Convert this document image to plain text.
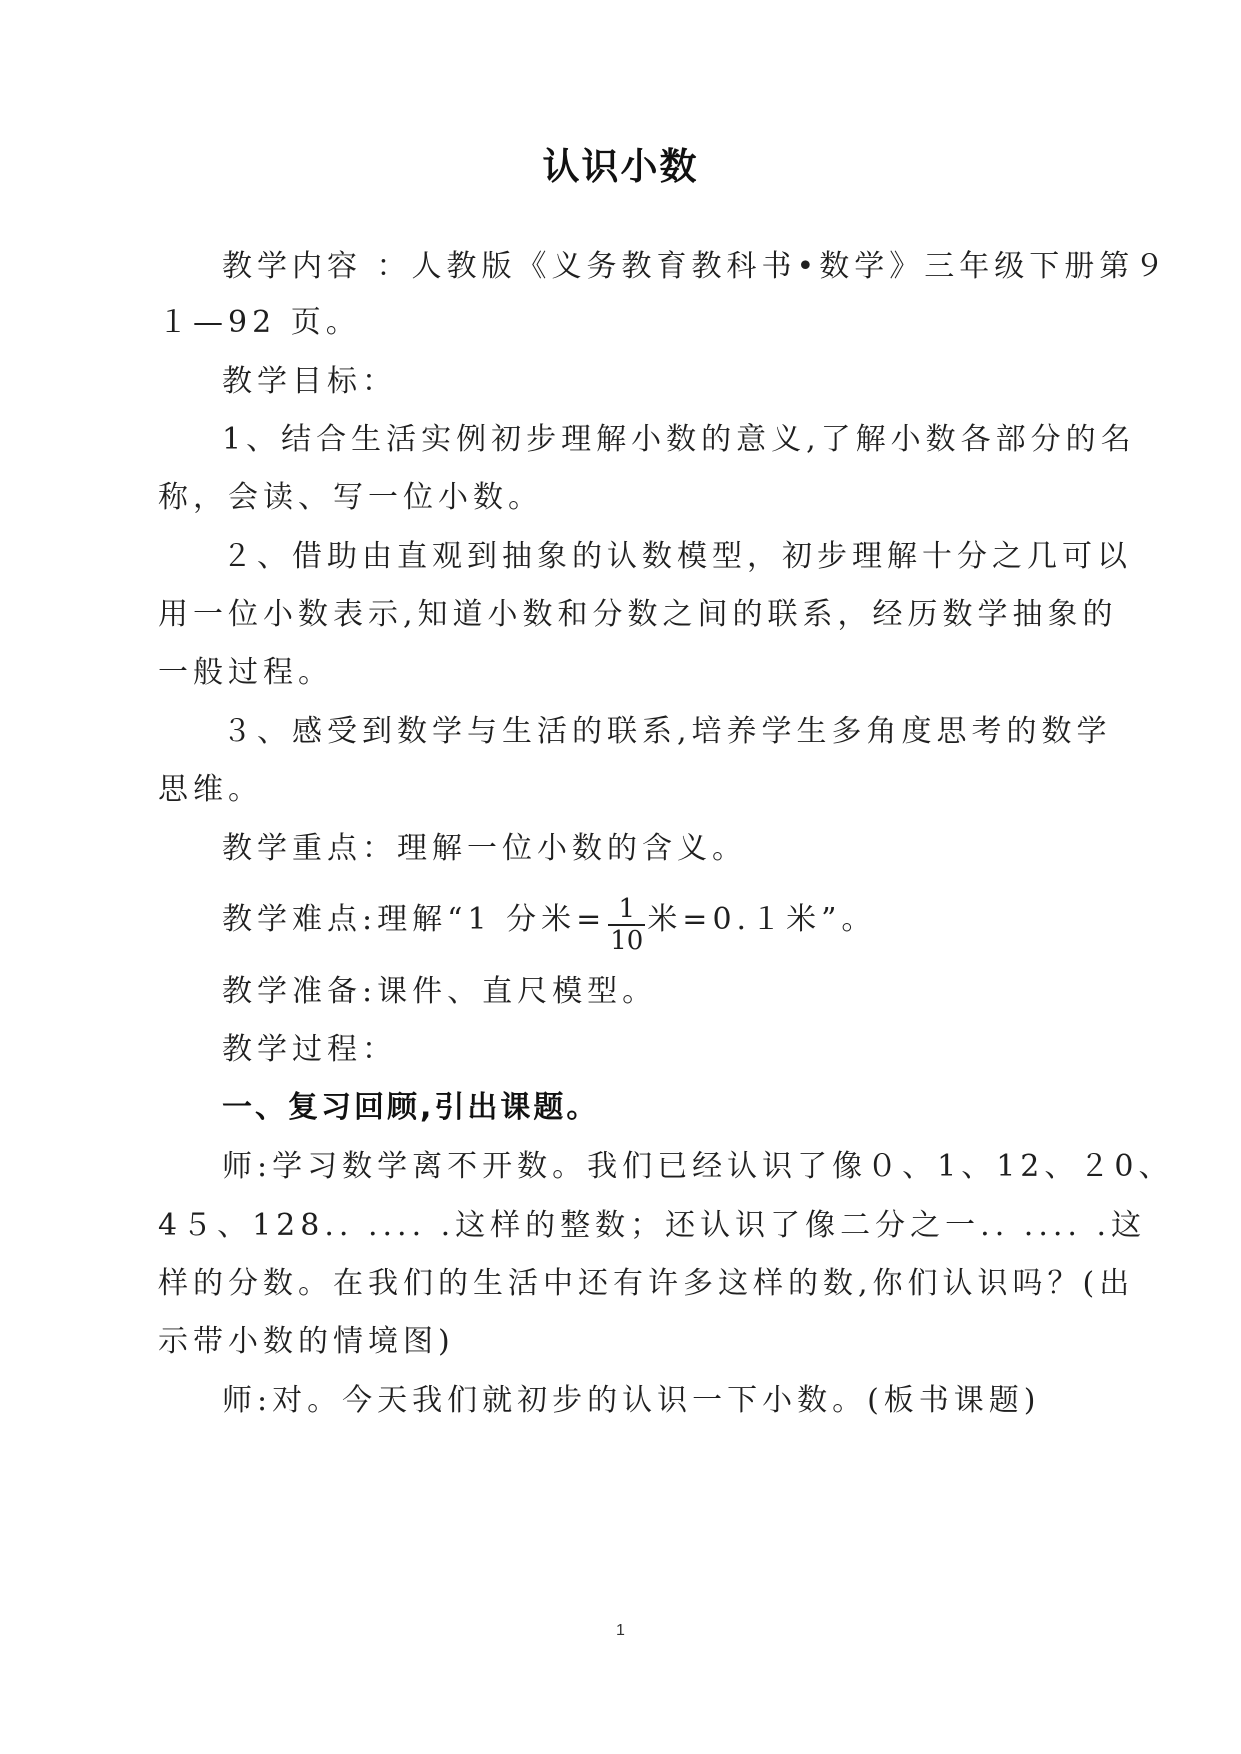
认识小数
教学内容 ：人教版《义务教育教科书•数学》三年级下册第９
１—92 页。
教学目标：
1、结合生活实例初步理解小数的意义,了解小数各部分的名
称，会读、写一位小数。
２、借助由直观到抽象的认数模型，初步理解十分之几可以
用一位小数表示,知道小数和分数之间的联系，经历数学抽象的
一般过程。
３、感受到数学与生活的联系,培养学生多角度思考的数学
思维。
教学重点：理解一位小数的含义。
教学难点:理解“1 分米= $\frac{1}{10}$ 米=0.１米”。
教学准备:课件、直尺模型。
教学过程：
一、复习回顾,引出课题。
师:学习数学离不开数。我们已经认识了像０、1、12、２0、
4５、128.. .... .这样的整数；还认识了像二分之一.. .... .这
样的分数。在我们的生活中还有许多这样的数,你们认识吗？(出
示带小数的情境图)
师:对。今天我们就初步的认识一下小数。(板书课题)
1
